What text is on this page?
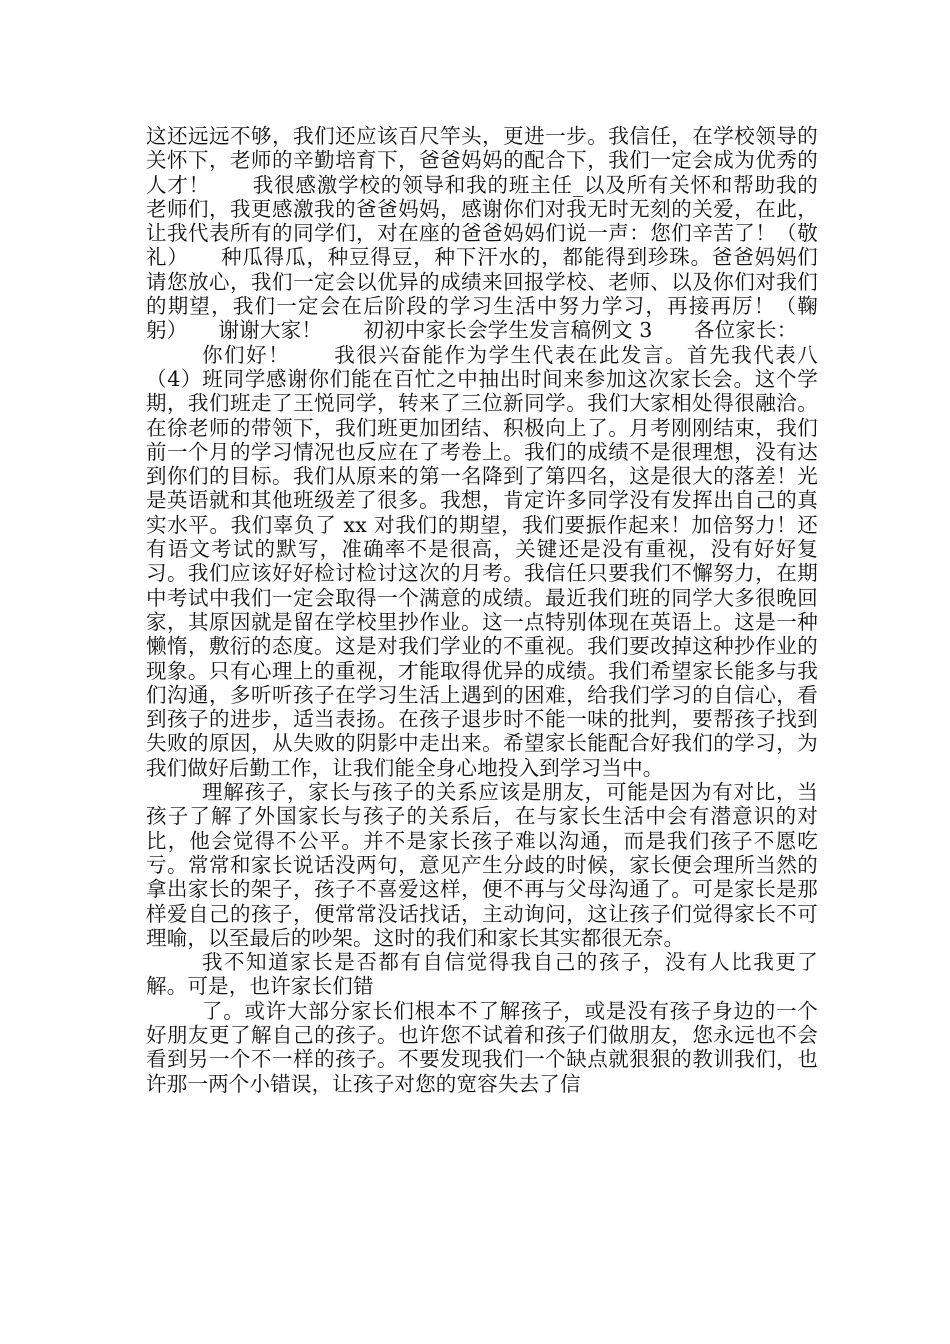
这还远远不够，我们还应该百尺竿头，更进一步。我信任，在学校领导的关怀下，老师的辛勤培育下，爸爸妈妈的配合下，我们一定会成为优秀的人才！　　我很感激学校的领导和我的班主任_以及所有关怀和帮助我的老师们，我更感激我的爸爸妈妈，感谢你们对我无时无刻的关爱，在此，让我代表所有的同学们，对在座的爸爸妈妈们说一声：您们辛苦了！（敬礼）　　种瓜得瓜，种豆得豆，种下汗水的，都能得到珍珠。爸爸妈妈们请您放心，我们一定会以优异的成绩来回报学校、老师、以及你们对我们的期望，我们一定会在后阶段的学习生活中努力学习，再接再厉！（鞠躬）　　谢谢大家！　　初初中家长会学生发言稿例文 3　　各位家长：

你们好！　　我很兴奋能作为学生代表在此发言。首先我代表八（4）班同学感谢你们能在百忙之中抽出时间来参加这次家长会。这个学期，我们班走了王悦同学，转来了三位新同学。我们大家相处得很融洽。在徐老师的带领下，我们班更加团结、积极向上了。月考刚刚结束，我们前一个月的学习情况也反应在了考卷上。我们的成绩不是很理想，没有达到你们的目标。我们从原来的第一名降到了第四名，这是很大的落差！光是英语就和其他班级差了很多。我想，肯定许多同学没有发挥出自己的真实水平。我们辜负了 xx 对我们的期望，我们要振作起来！加倍努力！还有语文考试的默写，准确率不是很高，关键还是没有重视，没有好好复习。我们应该好好检讨检讨这次的月考。我信任只要我们不懈努力，在期中考试中我们一定会取得一个满意的成绩。最近我们班的同学大多很晚回家，其原因就是留在学校里抄作业。这一点特别体现在英语上。这是一种懒惰，敷衍的态度。这是对我们学业的不重视。我们要改掉这种抄作业的现象。只有心理上的重视，才能取得优异的成绩。我们希望家长能多与我们沟通，多听听孩子在学习生活上遇到的困难，给我们学习的自信心，看到孩子的进步，适当表扬。在孩子退步时不能一味的批判，要帮孩子找到失败的原因，从失败的阴影中走出来。希望家长能配合好我们的学习，为我们做好后勤工作，让我们能全身心地投入到学习当中。

理解孩子，家长与孩子的关系应该是朋友，可能是因为有对比，当孩子了解了外国家长与孩子的关系后，在与家长生活中会有潜意识的对比，他会觉得不公平。并不是家长孩子难以沟通，而是我们孩子不愿吃亏。常常和家长说话没两句，意见产生分歧的时候，家长便会理所当然的拿出家长的架子，孩子不喜爱这样，便不再与父母沟通了。可是家长是那样爱自己的孩子，便常常没话找话，主动询问，这让孩子们觉得家长不可理喻，以至最后的吵架。这时的我们和家长其实都很无奈。

我不知道家长是否都有自信觉得我自己的孩子，没有人比我更了解。可是，也许家长们错

了。或许大部分家长们根本不了解孩子，或是没有孩子身边的一个好朋友更了解自己的孩子。也许您不试着和孩子们做朋友，您永远也不会看到另一个不一样的孩子。不要发现我们一个缺点就狠狠的教训我们，也许那一两个小错误，让孩子对您的宽容失去了信
